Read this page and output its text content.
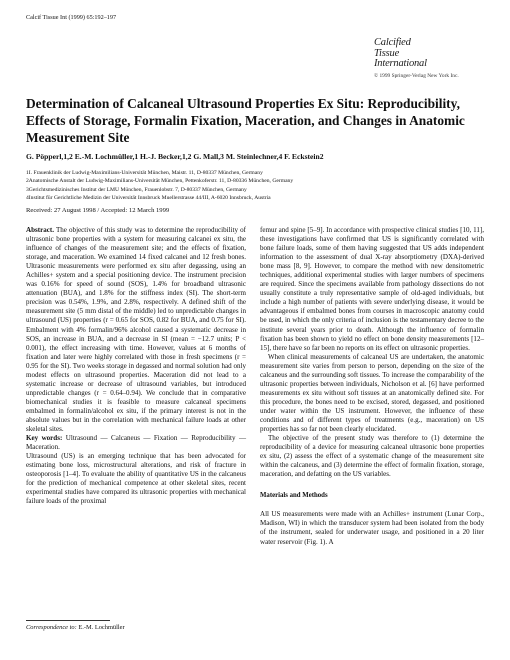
Calcif Tissue Int (1999) 65:192–197
Calcified
Tissue
International
© 1999 Springer-Verlag New York Inc.
Determination of Calcaneal Ultrasound Properties Ex Situ: Reproducibility, Effects of Storage, Formalin Fixation, Maceration, and Changes in Anatomic Measurement Site
G. Pöpperl,1,2 E.-M. Lochmüller,1 H.-J. Becker,1,2 G. Mall,3 M. Steinlechner,4 F. Eckstein2
1I. Frauenklinik der Ludwig-Maximilians-Universität München, Maistr. 11, D-80337 München, Germany
2Anatomische Anstalt der Ludwig-Maximilians-Universität München, Pettenkoferstr. 11, D-80336 München, Germany
3Gerichtsmedizinisches Institut der LMU München, Frauenlobstr. 7, D-80337 München, Germany
4Institut für Gerichtliche Medizin der Universität Innsbruck Muellerstrasse 44/III, A-6020 Innsbruck, Austria
Received: 27 August 1998 / Accepted: 12 March 1999

Abstract. The objective of this study was to determine the reproducibility of ultrasonic bone properties with a system for measuring calcanei ex situ, the influence of changes of the measurement site; and the effects of fixation, storage, and maceration. We examined 14 fixed calcanei and 12 fresh bones. Ultrasonic measurements were performed ex situ after degassing, using an Achilles+ system and a special positioning device. The instrument precision was 0.16% for speed of sound (SOS), 1.4% for broadband ultrasonic attenuation (BUA), and 1.8% for the stiffness index (SI). The short-term precision was 0.54%, 1.9%, and 2.8%, respectively. A defined shift of the measurement site (5 mm distal of the middle) led to unpredictable changes in ultrasound (US) properties (r = 0.65 for SOS, 0.82 for BUA, and 0.75 for SI). Embalment with 4% formalin/96% alcohol caused a systematic decrease in SOS, an increase in BUA, and a decrease in SI (mean = −12.7 units; P < 0.001), the effect increasing with time. However, values at 6 months of fixation and later were highly correlated with those in fresh specimens (r = 0.95 for the SI). Two weeks storage in degassed and normal solution had only modest effects on ultrasound properties. Maceration did not lead to a systematic increase or decrease of ultrasound variables, but introduced unpredictable changes (r = 0.64–0.94). We conclude that in comparative biomechanical studies it is feasible to measure calcaneal specimens embalmed in formalin/alcohol ex situ, if the primary interest is not in the absolute values but in the correlation with mechanical failure loads at other skeletal sites.

Key words: Ultrasound — Calcaneus — Fixation — Reproducibility — Maceration.

Ultrasound (US) is an emerging technique that has been advocated for estimating bone loss, microstructural alterations, and risk of fracture in osteoporosis [1–4]. To evaluate the ability of quantitative US in the calcaneus for the prediction of mechanical competence at other skeletal sites, recent experimental studies have compared its ultrasonic properties with mechanical failure loads of the proximal

femur and spine [5–9]. In accordance with prospective clinical studies [10, 11], these investigations have confirmed that US is significantly correlated with bone failure loads, some of them having suggested that US adds independent information to the assessment of dual X-ray absorptiometry (DXA)-derived bone mass [8, 9]. However, to compare the method with new densitometric techniques, additional experimental studies with larger numbers of specimens are required. Since the specimens available from pathology dissections do not usually constitute a truly representative sample of old-aged individuals, but include a high number of patients with severe underlying disease, it would be advantageous if embalmed bones from courses in macroscopic anatomy could be used, in which the only criteria of inclusion is the testamentary decree to the institute several years prior to death. Although the influence of formalin fixation has been shown to yield no effect on bone density measurements [12–15], there have so far been no reports on its effect on ultrasonic properties.

When clinical measurements of calcaneal US are undertaken, the anatomic measurement site varies from person to person, depending on the size of the calcaneus and the surrounding soft tissues. To increase the comparability of the ultrasonic properties between individuals, Nicholson et al. [6] have performed measurements ex situ without soft tissues at an anatomically defined site. For this procedure, the bones need to be excised, stored, degassed, and positioned under water within the US instrument. However, the influence of these conditions and of different types of treatments (e.g., maceration) on US properties has so far not been clearly elucidated.

The objective of the present study was therefore to (1) determine the reproducibility of a device for measuring calcaneal ultrasonic bone properties ex situ, (2) assess the effect of a systematic change of the measurement site within the calcaneus, and (3) determine the effect of formalin fixation, storage, maceration, and defatting on the US variables.

Materials and Methods

All US measurements were made with an Achilles+ instrument (Lunar Corp., Madison, WI) in which the transducer system had been isolated from the body of the instrument, sealed for underwater usage, and positioned in a 20 liter water reservoir (Fig. 1). A

Correspondence to: E.-M. Lochmüller
